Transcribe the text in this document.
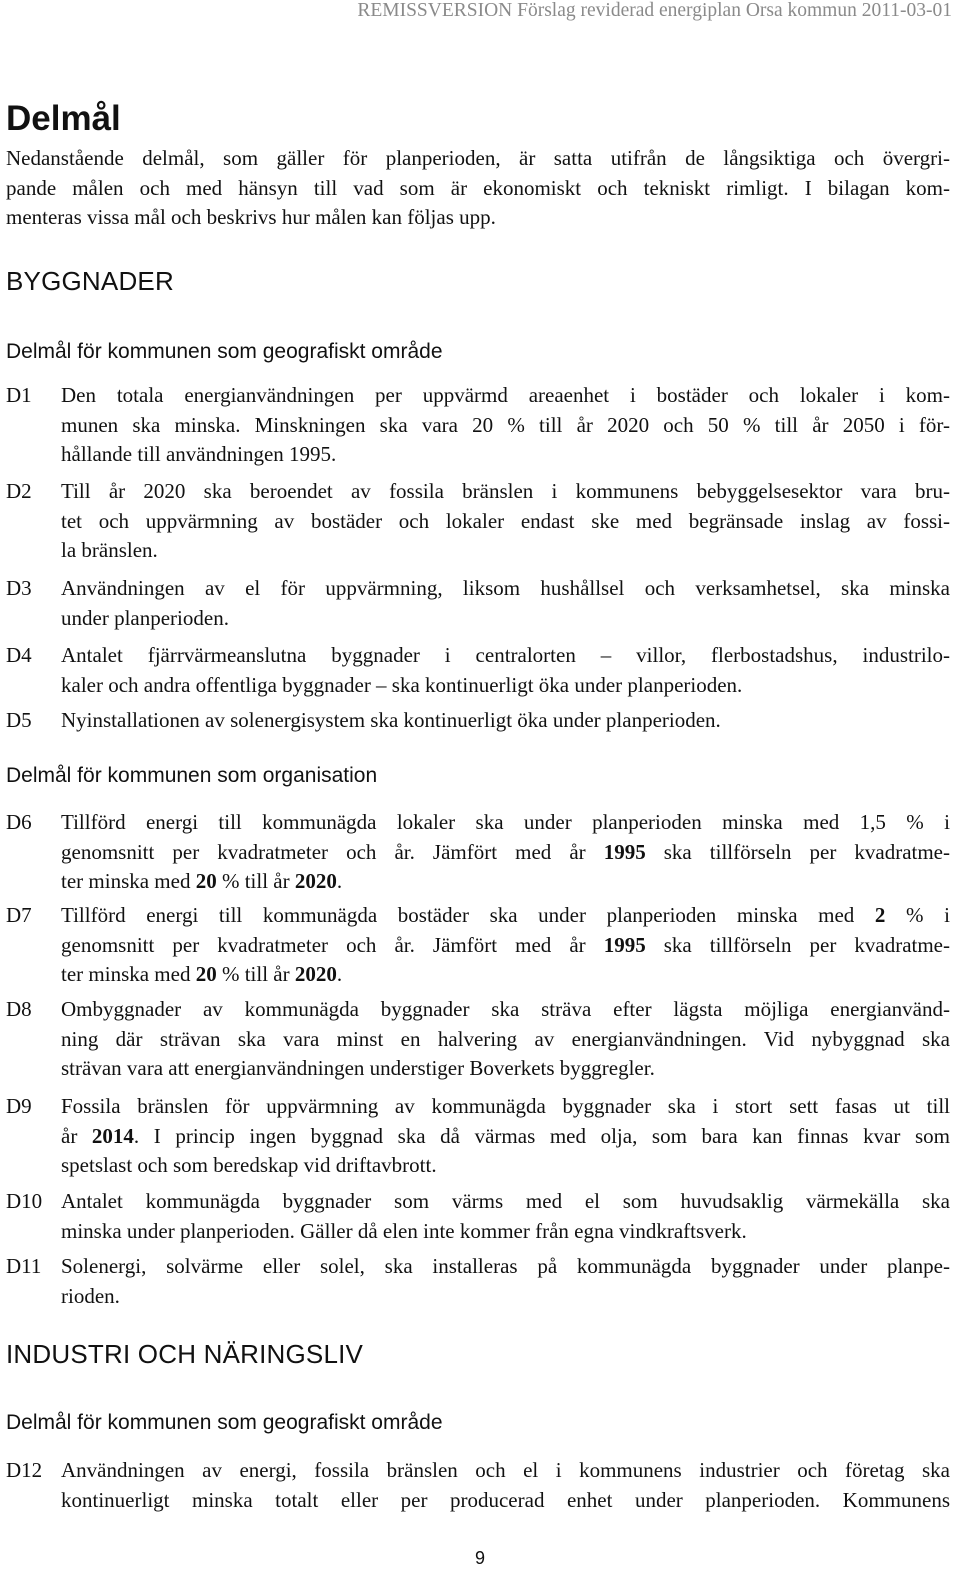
REMISSVERSION Förslag reviderad energiplan Orsa kommun 2011-03-01
Delmål
Nedanstående delmål, som gäller för planperioden, är satta utifrån de långsiktiga och övergri-
pande målen och med hänsyn till vad som är ekonomiskt och tekniskt rimligt. I bilagan kom-
menteras vissa mål och beskrivs hur målen kan följas upp.
BYGGNADER
Delmål för kommunen som geografiskt område
D1	Den totala energianvändningen per uppvärmd areaenhet i bostäder och lokaler i kom-
munen ska minska. Minskningen ska vara 20 % till år 2020 och 50 % till år 2050 i för-
hållande till användningen 1995.
D2	Till år 2020 ska beroendet av fossila bränslen i kommunens bebyggelsesektor vara bru-
tet och uppvärmning av bostäder och lokaler endast ske med begränsade inslag av fossi-
la bränslen.
D3	Användningen av el för uppvärmning, liksom hushållsel och verksamhetsel, ska minska
under planperioden.
D4	Antalet fjärrvärmeanslutna byggnader i centralorten – villor, flerbostadshus, industrilo-
kaler och andra offentliga byggnader – ska kontinuerligt öka under planperioden.
D5	Nyinstallationen av solenergisystem ska kontinuerligt öka under planperioden.
Delmål för kommunen som organisation
D6	Tillförd energi till kommunägda lokaler ska under planperioden minska med 1,5 % i
genomsnitt per kvadratmeter och år. Jämfört med år 1995 ska tillförseln per kvadratme-
ter minska med 20 % till år 2020.
D7	Tillförd energi till kommunägda bostäder ska under planperioden minska med 2 % i
genomsnitt per kvadratmeter och år. Jämfört med år 1995 ska tillförseln per kvadratme-
ter minska med 20 % till år 2020.
D8	Ombyggnader av kommunägda byggnader ska sträva efter lägsta möjliga energianvänd-
ning där strävan ska vara minst en halvering av energianvändningen. Vid nybyggnad ska
strävan vara att energianvändningen understiger Boverkets byggregler.
D9	Fossila bränslen för uppvärmning av kommunägda byggnader ska i stort sett fasas ut till
år 2014. I princip ingen byggnad ska då värmas med olja, som bara kan finnas kvar som
spetslast och som beredskap vid driftavbrott.
D10 Antalet kommunägda byggnader som värms med el som huvudsaklig värmekälla ska
minska under planperioden. Gäller då elen inte kommer från egna vindkraftsverk.
D11 Solenergi, solvärme eller solel, ska installeras på kommunägda byggnader under planpe-
rioden.
INDUSTRI OCH NÄRINGSLIV
Delmål för kommunen som geografiskt område
D12 Användningen av energi, fossila bränslen och el i kommunens industrier och företag ska
kontinuerligt minska totalt eller per producerad enhet under planperioden. Kommunens
9
